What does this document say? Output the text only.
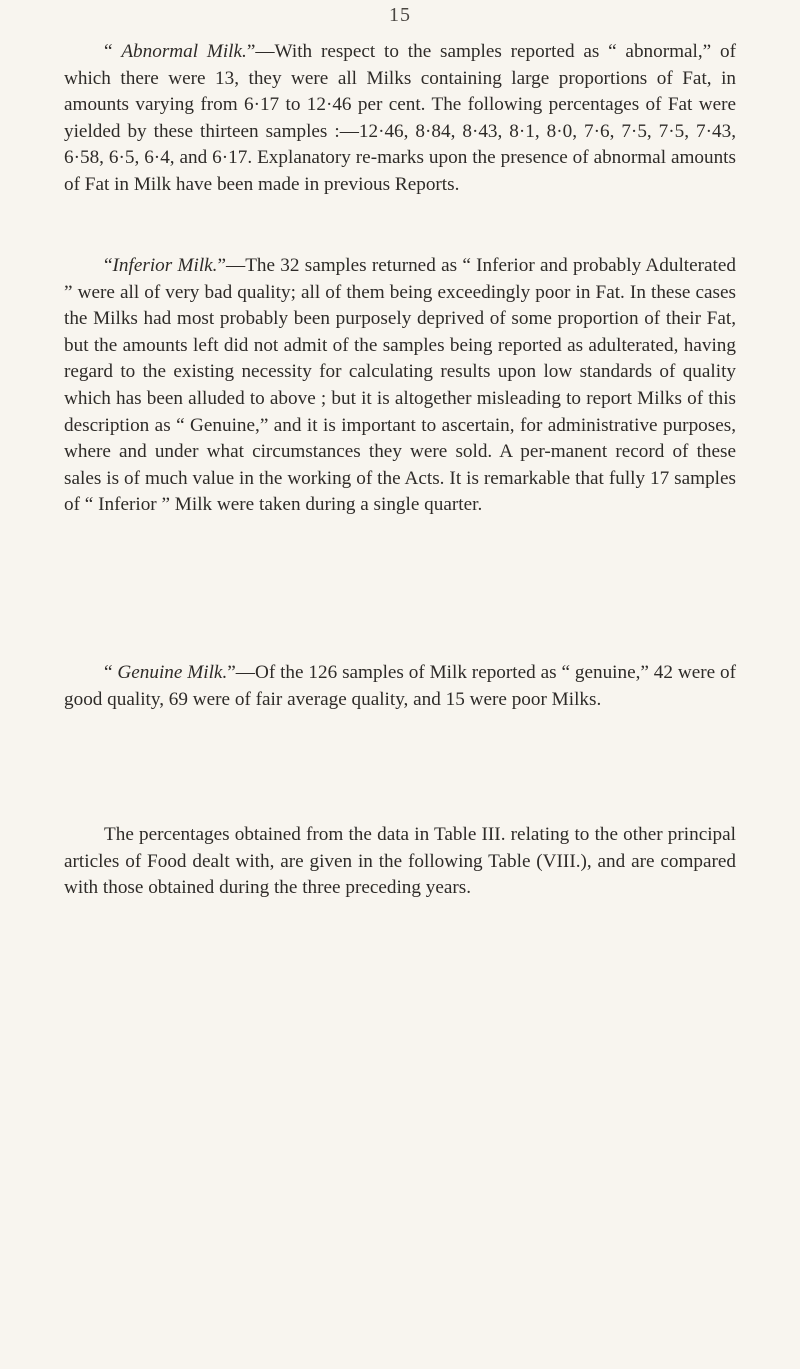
15

“ Abnormal Milk.”—With respect to the samples reported as “ abnormal,” of which there were 13, they were all Milks containing large proportions of Fat, in amounts varying from 6·17 to 12·46 per cent. The following percentages of Fat were yielded by these thirteen samples :—12·46, 8·84, 8·43, 8·1, 8·0, 7·6, 7·5, 7·5, 7·43, 6·58, 6·5, 6·4, and 6·17. Explanatory re-marks upon the presence of abnormal amounts of Fat in Milk have been made in previous Reports.

“Inferior Milk.”—The 32 samples returned as “ Inferior and probably Adulterated ” were all of very bad quality; all of them being exceedingly poor in Fat. In these cases the Milks had most probably been purposely deprived of some proportion of their Fat, but the amounts left did not admit of the samples being reported as adulterated, having regard to the existing necessity for calculating results upon low standards of quality which has been alluded to above ; but it is altogether misleading to report Milks of this description as “ Genuine,” and it is important to ascertain, for administrative purposes, where and under what circumstances they were sold. A per-manent record of these sales is of much value in the working of the Acts. It is remarkable that fully 17 samples of “ Inferior ” Milk were taken during a single quarter.

“ Genuine Milk.”—Of the 126 samples of Milk reported as “ genuine,” 42 were of good quality, 69 were of fair average quality, and 15 were poor Milks.

The percentages obtained from the data in Table III. relating to the other principal articles of Food dealt with, are given in the following Table (VIII.), and are compared with those obtained during the three preceding years.
